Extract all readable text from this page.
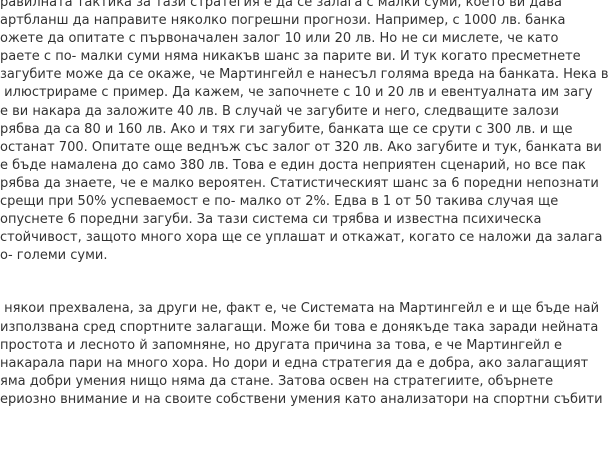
равилната тактика за тази стратегия е да се залага с малки суми, което ви дава
артбланш да направите няколко погрешни прогнози. Например, с 1000 лв. банка
ожете да опитате с първоначален залог 10 или 20 лв. Но не си мислете, че като
раете с по- малки суми няма никакъв шанс за парите ви. И тук когато пресметнете
загубите може да се окаже, че Мартингейл е нанесъл голяма вреда на банката. Нека в
илюстрираме с пример. Да кажем, че започнете с 10 и 20 лв и евентуалната им загу
е ви накара да заложите 40 лв. В случай че загубите и него, следващите залози
рябва да са 80 и 160 лв. Ако и тях ги загубите, банката ще се срути с 300 лв. и ще
останат 700. Опитате още веднъж със залог от 320 лв. Ако загубите и тук, банката ви
е бъде намалена до само 380 лв. Това е един доста неприятен сценарий, но все пак
рябва да знаете, че е малко вероятен. Статистическият шанс за 6 поредни непознати
срещи при 50% успеваемост е по- малко от 2%. Едва в 1 от 50 такива случая ще
опуснете 6 поредни загуби. За тази система си трябва и известна психическа
стойчивост, защото много хора ще се уплашат и откажат, когато се наложи да залага
о- големи суми.
някои прехвалена, за други не, факт е, че Системата на Мартингейл е и ще бъде най
използвана сред спортните залагащи. Може би това е донякъде така заради нейната
простота и лесното й запомняне, но другата причина за това, е че Мартингейл е
накарала пари на много хора. Но дори и една стратегия да е добра, ако залагащият
яма добри умения нищо няма да стане. Затова освен на стратегиите, обърнете
ериозно внимание и на своите собствени умения като анализатори на спортни събити
